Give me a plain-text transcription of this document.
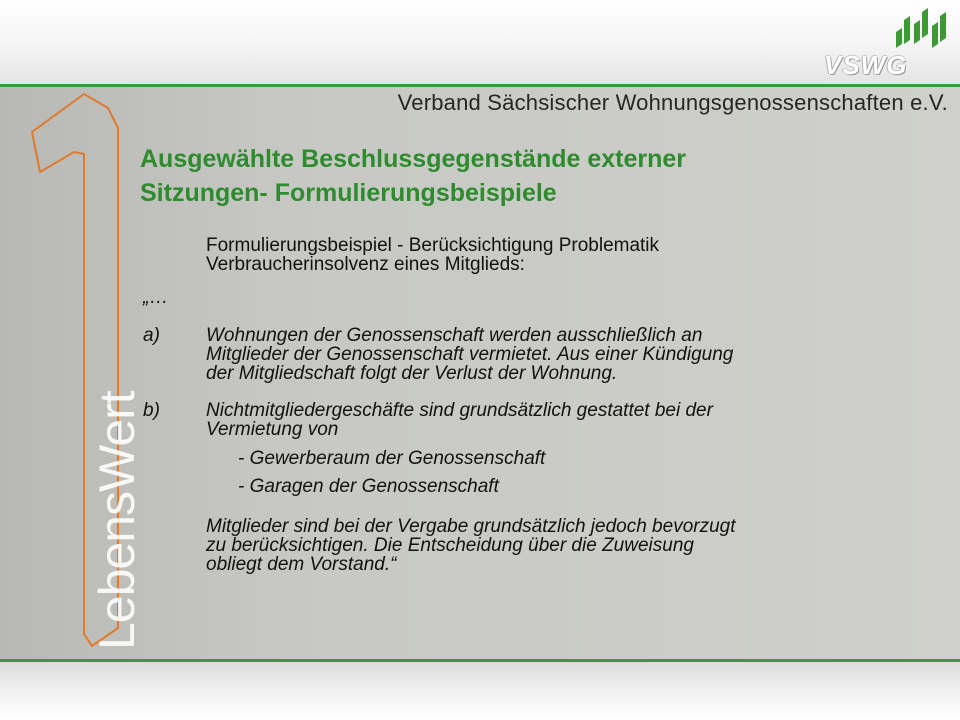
VSWG
Verband Sächsischer Wohnungsgenossenschaften e.V.
LebensWert
Ausgewählte Beschlussgegenstände externer
Sitzungen- Formulierungsbeispiele

Formulierungsbeispiel - Berücksichtigung Problematik
Verbraucherinsolvenz eines Mitglieds:

„…

a) Wohnungen der Genossenschaft werden ausschließlich an
Mitglieder der Genossenschaft vermietet. Aus einer Kündigung
der Mitgliedschaft folgt der Verlust der Wohnung.

b) Nichtmitgliedergeschäfte sind grundsätzlich gestattet bei der
Vermietung von

- Gewerberaum der Genossenschaft

- Garagen der Genossenschaft

Mitglieder sind bei der Vergabe grundsätzlich jedoch bevorzugt
zu berücksichtigen. Die Entscheidung über die Zuweisung
obliegt dem Vorstand.“
